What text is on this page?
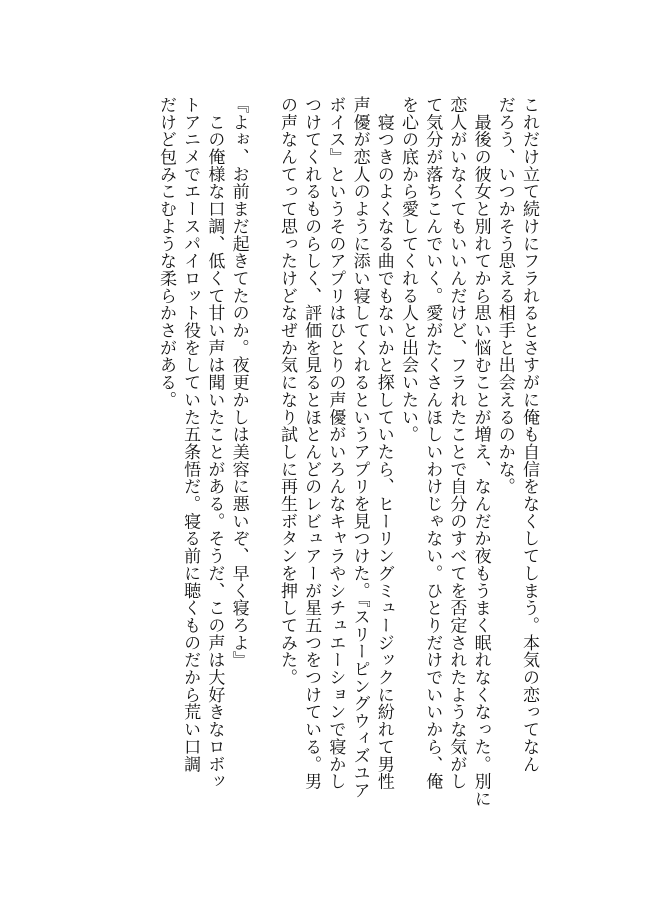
これだけ立て続けにフラれるとさすがに俺も自信をなくしてしまう。本気の恋ってなん
だろう、いつかそう思える相手と出会えるのかな。
　最後の彼女と別れてから思い悩むことが増え、なんだか夜もうまく眠れなくなった。別に
恋人がいなくてもいいんだけど、フラれたことで自分のすべてを否定されたような気がし
て気分が落ちこんでいく。愛がたくさんほしいわけじゃない。ひとりだけでいいから、俺
を心の底から愛してくれる人と出会いたい。
　寝つきのよくなる曲でもないかと探していたら、ヒーリングミュージックに紛れて男性
声優が恋人のように添い寝してくれるというアプリを見つけた。『スリーピングウィズユア
ボイス』というそのアプリはひとりの声優がいろんなキャラやシチュエーションで寝かし
つけてくれるものらしく、評価を見るとほとんどのレビュアーが星五つをつけている。男
の声なんてって思ったけどなぜか気になり試しに再生ボタンを押してみた。
『よぉ、お前まだ起きてたのか。夜更かしは美容に悪いぞ、早く寝ろよ』
　この俺様な口調、低くて甘い声は聞いたことがある。そうだ、この声は大好きなロボッ
トアニメでエースパイロット役をしていた五条悟だ。寝る前に聴くものだから荒い口調
だけど包みこむような柔らかさがある。
